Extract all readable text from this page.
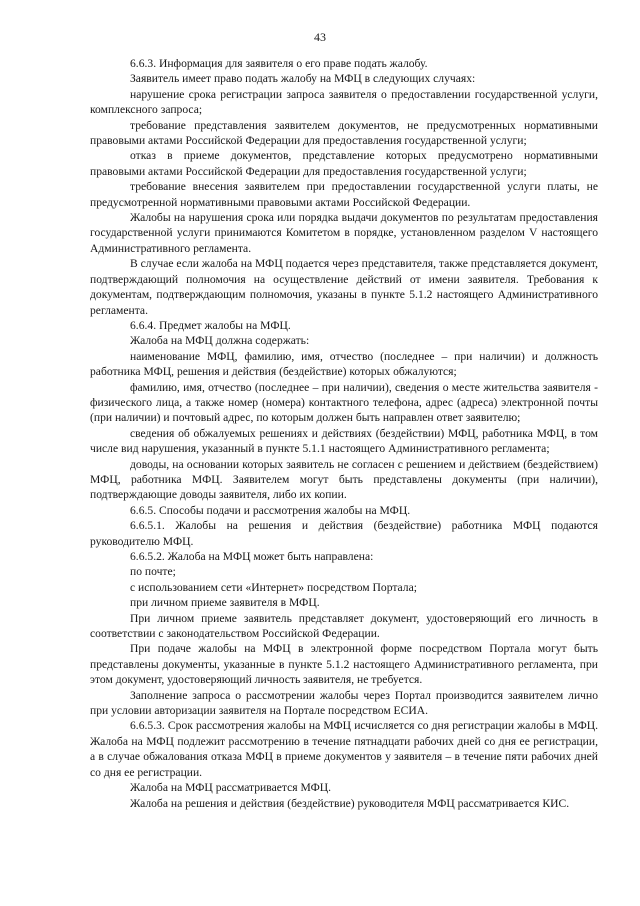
43

6.6.3. Информация для заявителя о его праве подать жалобу.

Заявитель имеет право подать жалобу на МФЦ в следующих случаях:

нарушение срока регистрации запроса заявителя о предоставлении государственной услуги, комплексного запроса;

требование представления заявителем документов, не предусмотренных нормативными правовыми актами Российской Федерации для предоставления государственной услуги;

отказ в приеме документов, представление которых предусмотрено нормативными правовыми актами Российской Федерации для предоставления государственной услуги;

требование внесения заявителем при предоставлении государственной услуги платы, не предусмотренной нормативными правовыми актами Российской Федерации.

Жалобы на нарушения срока или порядка выдачи документов по результатам предоставления государственной услуги принимаются Комитетом в порядке, установленном разделом V настоящего Административного регламента.

В случае если жалоба на МФЦ подается через представителя, также представляется документ, подтверждающий полномочия на осуществление действий от имени заявителя. Требования к документам, подтверждающим полномочия, указаны в пункте 5.1.2 настоящего Административного регламента.

6.6.4. Предмет жалобы на МФЦ.

Жалоба на МФЦ должна содержать:

наименование МФЦ, фамилию, имя, отчество (последнее – при наличии) и должность работника МФЦ, решения и действия (бездействие) которых обжалуются;

фамилию, имя, отчество (последнее – при наличии), сведения о месте жительства заявителя - физического лица, а также номер (номера) контактного телефона, адрес (адреса) электронной почты (при наличии) и почтовый адрес, по которым должен быть направлен ответ заявителю;

сведения об обжалуемых решениях и действиях (бездействии) МФЦ, работника МФЦ, в том числе вид нарушения, указанный в пункте 5.1.1 настоящего Административного регламента;

доводы, на основании которых заявитель не согласен с решением и действием (бездействием) МФЦ, работника МФЦ. Заявителем могут быть представлены документы (при наличии), подтверждающие доводы заявителя, либо их копии.

6.6.5. Способы подачи и рассмотрения жалобы на МФЦ.

6.6.5.1. Жалобы на решения и действия (бездействие) работника МФЦ подаются руководителю МФЦ.

6.6.5.2. Жалоба на МФЦ может быть направлена:

по почте;

с использованием сети «Интернет» посредством Портала;

при личном приеме заявителя в МФЦ.

При личном приеме заявитель представляет документ, удостоверяющий его личность в соответствии с законодательством Российской Федерации.

При подаче жалобы на МФЦ в электронной форме посредством Портала могут быть представлены документы, указанные в пункте 5.1.2 настоящего Административного регламента, при этом документ, удостоверяющий личность заявителя, не требуется.

Заполнение запроса о рассмотрении жалобы через Портал производится заявителем лично при условии авторизации заявителя на Портале посредством ЕСИА.

6.6.5.3. Срок рассмотрения жалобы на МФЦ исчисляется со дня регистрации жалобы в МФЦ. Жалоба на МФЦ подлежит рассмотрению в течение пятнадцати рабочих дней со дня ее регистрации, а в случае обжалования отказа МФЦ в приеме документов у заявителя – в течение пяти рабочих дней со дня ее регистрации.

Жалоба на МФЦ рассматривается МФЦ.

Жалоба на решения и действия (бездействие) руководителя МФЦ рассматривается КИС.
